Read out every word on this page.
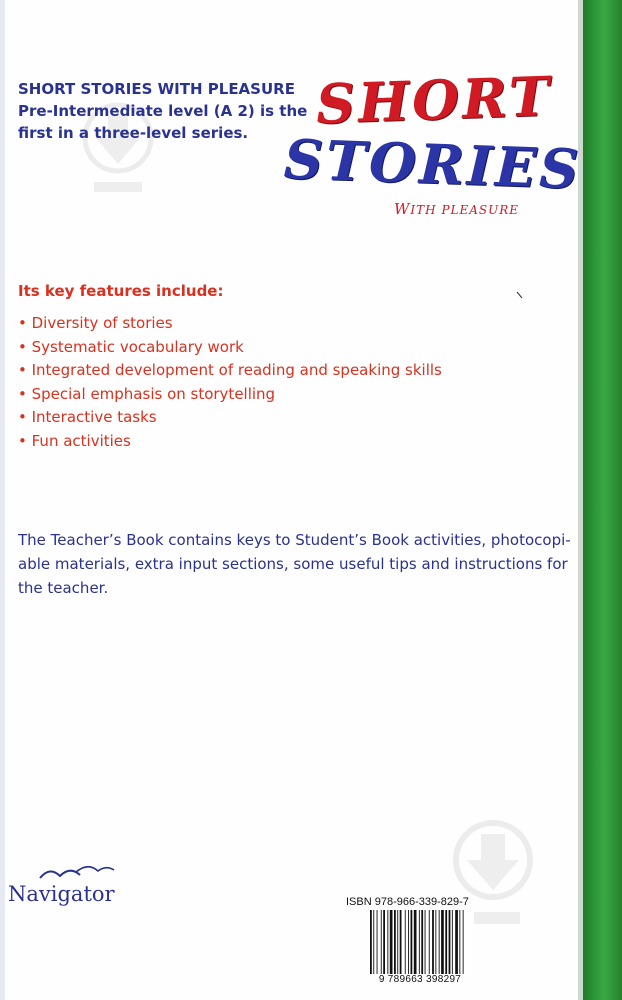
SHORT STORIES WITH PLEASURE

Pre-Intermediate level (A 2) is the

first in a three-level series.	SHORT
STORIES
WITH PLEASURE
Its key features include:
• Diversity of stories
• Systematic vocabulary work
• Integrated development of reading and speaking skills
• Special emphasis on storytelling
• Interactive tasks
• Fun activities
The Teacher’s Book contains keys to Student’s Book activities, photocopi-
able materials, extra input sections, some useful tips and instructions for
the teacher.
Navigator	ISBN 978-966-339-829-7
9 789663 398297
